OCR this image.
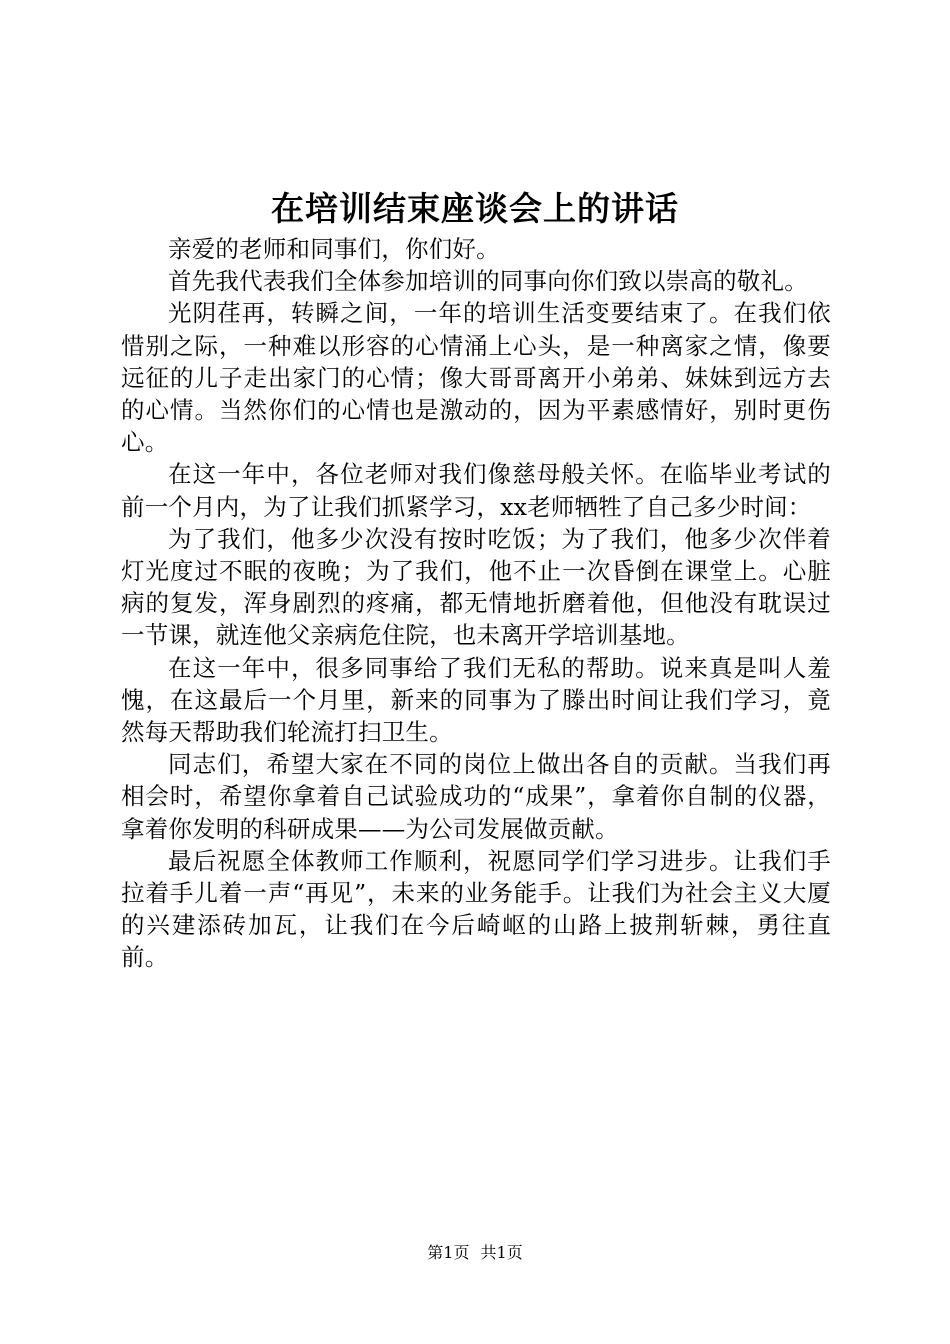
在培训结束座谈会上的讲话

亲爱的老师和同事们，你们好。

首先我代表我们全体参加培训的同事向你们致以崇高的敬礼。

光阴荏再，转瞬之间，一年的培训生活变要结束了。在我们依惜别之际，一种难以形容的心情涌上心头，是一种离家之情，像要远征的儿子走出家门的心情；像大哥哥离开小弟弟、妹妹到远方去的心情。当然你们的心情也是激动的，因为平素感情好，别时更伤心。

在这一年中，各位老师对我们像慈母般关怀。在临毕业考试的前一个月内，为了让我们抓紧学习，xx老师牺牲了自己多少时间：

为了我们，他多少次没有按时吃饭；为了我们，他多少次伴着灯光度过不眠的夜晚；为了我们，他不止一次昏倒在课堂上。心脏病的复发，浑身剧烈的疼痛，都无情地折磨着他，但他没有耽误过一节课，就连他父亲病危住院，也未离开学培训基地。

在这一年中，很多同事给了我们无私的帮助。说来真是叫人羞愧，在这最后一个月里，新来的同事为了滕出时间让我们学习，竟然每天帮助我们轮流打扫卫生。

同志们，希望大家在不同的岗位上做出各自的贡献。当我们再相会时，希望你拿着自己试验成功的“成果”，拿着你自制的仪器，拿着你发明的科研成果——为公司发展做贡献。

最后祝愿全体教师工作顺利，祝愿同学们学习进步。让我们手拉着手儿着一声“再见”，未来的业务能手。让我们为社会主义大厦的兴建添砖加瓦，让我们在今后崎岖的山路上披荆斩棘，勇往直前。

第1页 共1页
